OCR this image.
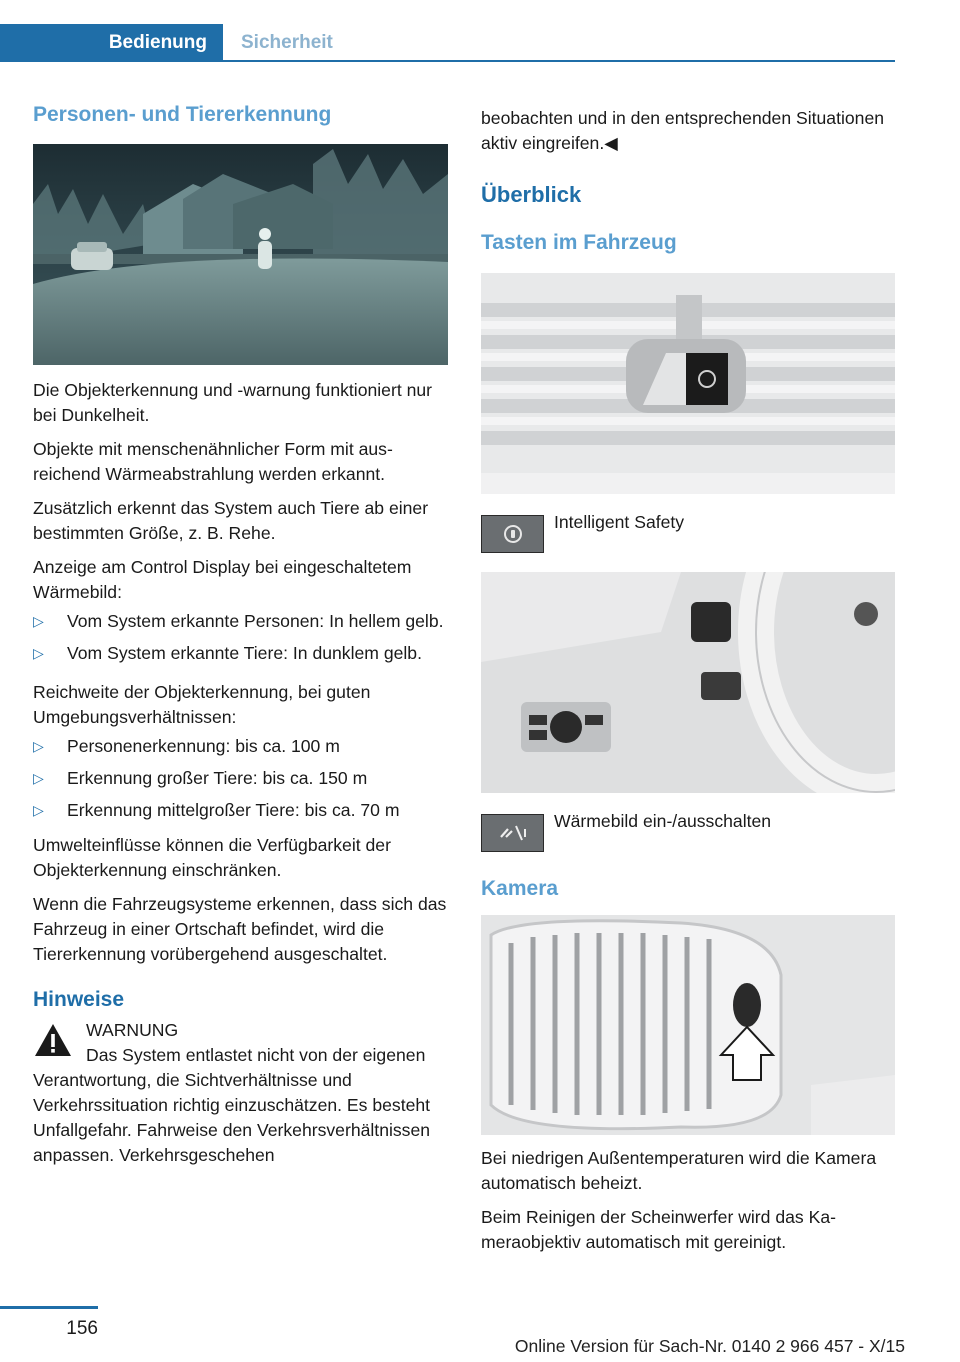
Bedienung	Sicherheit
Personen- und Tiererkennung

Die Objekterkennung und -warnung funktioniert nur bei Dunkelheit.

Objekte mit menschenähnlicher Form mit ausreichend Wärmeabstrahlung werden erkannt.

Zusätzlich erkennt das System auch Tiere ab einer bestimmten Größe, z. B. Rehe.

Anzeige am Control Display bei eingeschaltetem Wärmebild:

▷ Vom System erkannte Personen: In hellem gelb.
▷ Vom System erkannte Tiere: In dunklem gelb.

Reichweite der Objekterkennung, bei guten Umgebungsverhältnissen:

▷ Personenerkennung: bis ca. 100 m
▷ Erkennung großer Tiere: bis ca. 150 m
▷ Erkennung mittelgroßer Tiere: bis ca. 70 m

Umwelteinflüsse können die Verfügbarkeit der Objekterkennung einschränken.

Wenn die Fahrzeugsysteme erkennen, dass sich das Fahrzeug in einer Ortschaft befindet, wird die Tiererkennung vorübergehend ausgeschaltet.

Hinweise
WARNUNG
Das System entlastet nicht von der eigenen Verantwortung, die Sichtverhältnisse und Verkehrssituation richtig einzuschätzen. Es besteht Unfallgefahr. Fahrweise den Verkehrsverhältnissen anpassen. Verkehrsgeschehen

beobachten und in den entsprechenden Situationen aktiv eingreifen.◀

Überblick
Tasten im Fahrzeug
Intelligent Safety
Wärmebild ein-/ausschalten
Kamera

Bei niedrigen Außentemperaturen wird die Kamera automatisch beheizt.

Beim Reinigen der Scheinwerfer wird das Kameraobjektiv automatisch mit gereinigt.

156
Online Version für Sach-Nr. 0140 2 966 457 - X/15
